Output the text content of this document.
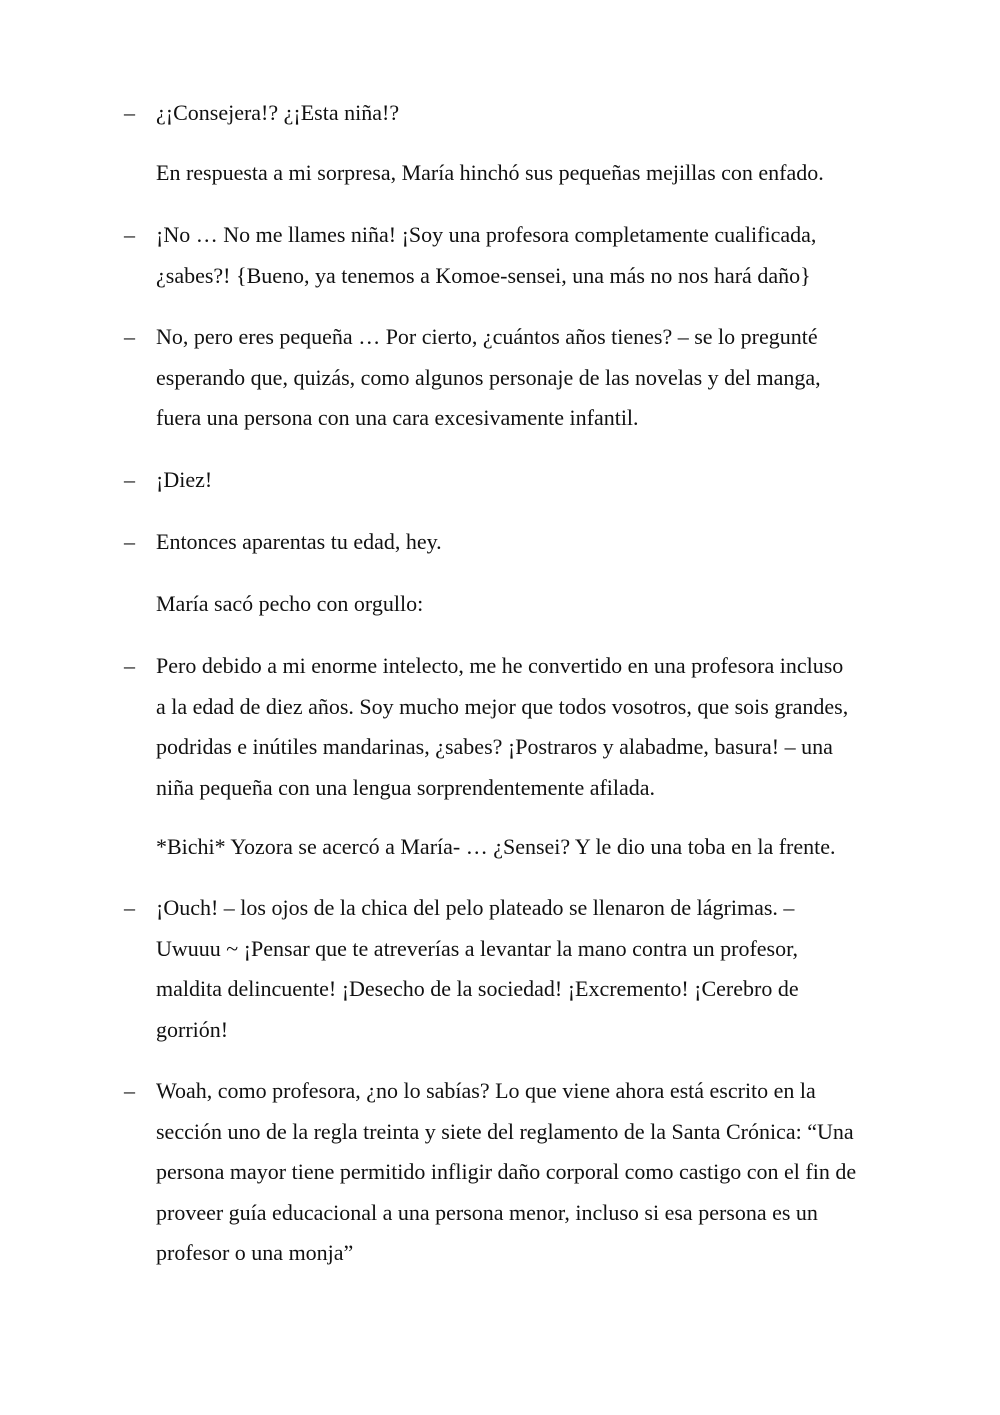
– ¿¡Consejera!? ¿¡Esta niña!?
En respuesta a mi sorpresa, María hinchó sus pequeñas mejillas con enfado.
– ¡No … No me llames niña! ¡Soy una profesora completamente cualificada,
¿sabes?! {Bueno, ya tenemos a Komoe-sensei, una más no nos hará daño}
– No, pero eres pequeña … Por cierto, ¿cuántos años tienes? – se lo pregunté
esperando que, quizás, como algunos personaje de las novelas y del manga,
fuera una persona con una cara excesivamente infantil.
– ¡Diez!
– Entonces aparentas tu edad, hey.
María sacó pecho con orgullo:
– Pero debido a mi enorme intelecto, me he convertido en una profesora incluso
a la edad de diez años. Soy mucho mejor que todos vosotros, que sois grandes,
podridas e inútiles mandarinas, ¿sabes? ¡Postraros y alabadme, basura! – una
niña pequeña con una lengua sorprendentemente afilada.
*Bichi* Yozora se acercó a María- … ¿Sensei? Y le dio una toba en la frente.
– ¡Ouch! – los ojos de la chica del pelo plateado se llenaron de lágrimas. –
Uwuuu ~ ¡Pensar que te atreverías a levantar la mano contra un profesor,
maldita delincuente! ¡Desecho de la sociedad! ¡Excremento! ¡Cerebro de
gorrión!
– Woah, como profesora, ¿no lo sabías? Lo que viene ahora está escrito en la
sección uno de la regla treinta y siete del reglamento de la Santa Crónica: “Una
persona mayor tiene permitido infligir daño corporal como castigo con el fin de
proveer guía educacional a una persona menor, incluso si esa persona es un
profesor o una monja”
